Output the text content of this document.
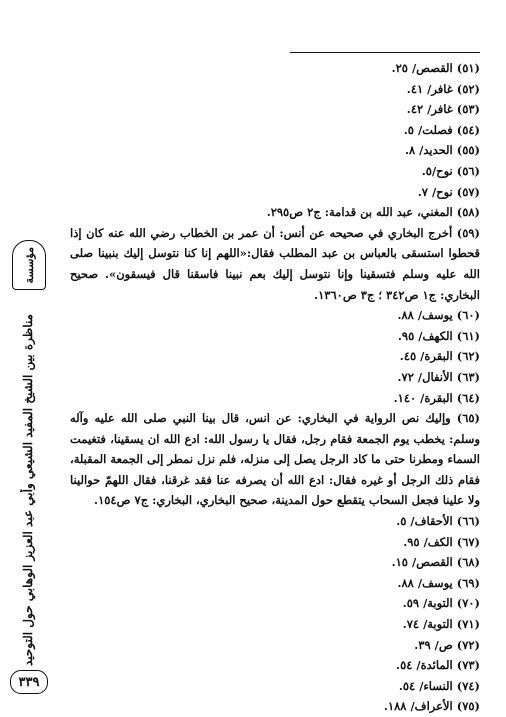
مؤسسة
مناظرة بين الشيخ المفيد الشيعي وأبي عبد العزيز الوهابي حول التوحيد
٣٣٩

(٥١) القصص/ ٢٥.

(٥٢) غافر/ ٤١.

(٥٣) غافر/ ٤٢.

(٥٤) فصلت/ ٥.

(٥٥) الحديد/ ٨.

(٥٦) نوح/٥.

(٥٧) نوح/ ٧.

(٥٨) المغني، عبد الله بن قدامة: ج٢ ص٢٩٥.

(٥٩) أخرج البخاري في صحيحه عن أنس: أن عمر بن الخطاب رضي الله عنه كان إذا قحطوا استسقى بالعباس بن عبد المطلب فقال:«اللهم إنا كنا نتوسل إليك بنبينا صلى الله عليه وسلم فتسقينا وإنا نتوسل إليك بعم نبينا فاسقنا قال فيسقون». صحيح البخاري: ج١ ص٣٤٢ ؛ ج٣ ص١٣٦٠.

(٦٠) يوسف/ ٨٨.

(٦١) الكهف/ ٩٥.

(٦٢) البقرة/ ٤٥.

(٦٣) الأنفال/ ٧٢.

(٦٤) البقرة/ ١٤٠.

(٦٥) وإليك نص الرواية في البخاري: عن انس، قال بينا النبي صلى الله عليه وآله وسلم: يخطب يوم الجمعة فقام رجل، فقال يا رسول الله: ادع الله ان يسقينا، فتغيمت السماء ومطرنا حتى ما كاد الرجل يصل إلى منزله، فلم نزل نمطر إلى الجمعة المقبلة، فقام ذلك الرجل أو غيره فقال: ادع الله أن يصرفه عنا فقد غرقنا، فقال اللهمّ حوالينا ولا علينا فجعل السحاب يتقطع حول المدينة، صحيح البخاري، البخاري: ج٧ ص١٥٤.

(٦٦) الأحقاف/ ٥.

(٦٧) الكف/ ٩٥.

(٦٨) القصص/ ١٥.

(٦٩) يوسف/ ٨٨.

(٧٠) التوبة/ ٥٩.

(٧١) التوبة/ ٧٤.

(٧٢) ص/ ٣٩.

(٧٣) المائدة/ ٥٤.

(٧٤) النساء/ ٥٤.

(٧٥) الأعراف/ ١٨٨.
